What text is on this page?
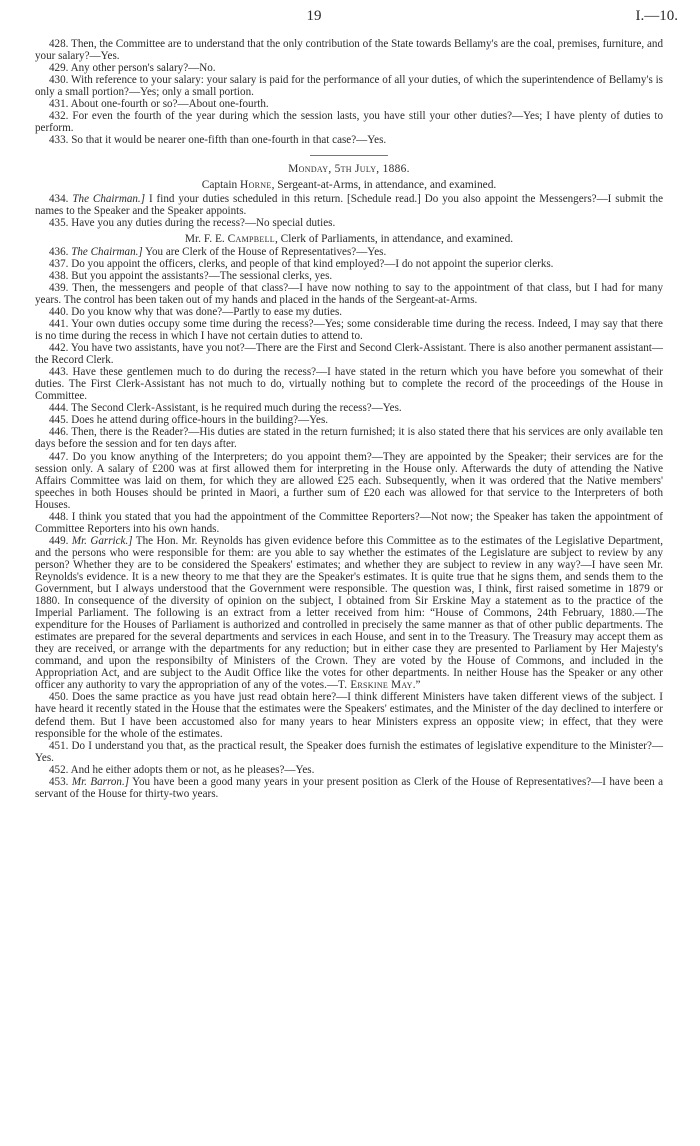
19	I.—10.

428. Then, the Committee are to understand that the only contribution of the State towards Bellamy's are the coal, premises, furniture, and your salary?—Yes.

429. Any other person's salary?—No.

430. With reference to your salary: your salary is paid for the performance of all your duties, of which the superintendence of Bellamy's is only a small portion?—Yes; only a small portion.

431. About one-fourth or so?—About one-fourth.

432. For even the fourth of the year during which the session lasts, you have still your other duties?—Yes; I have plenty of duties to perform.

433. So that it would be nearer one-fifth than one-fourth in that case?—Yes.

Monday, 5th July, 1886.
Captain Horne, Sergeant-at-Arms, in attendance, and examined.

434. The Chairman.] I find your duties scheduled in this return. [Schedule read.] Do you also appoint the Messengers?—I submit the names to the Speaker and the Speaker appoints.

435. Have you any duties during the recess?—No special duties.

Mr. F. E. Campbell, Clerk of Parliaments, in attendance, and examined.

436. The Chairman.] You are Clerk of the House of Representatives?—Yes.

437. Do you appoint the officers, clerks, and people of that kind employed?—I do not appoint the superior clerks.

438. But you appoint the assistants?—The sessional clerks, yes.

439. Then, the messengers and people of that class?—I have now nothing to say to the appointment of that class, but I had for many years. The control has been taken out of my hands and placed in the hands of the Sergeant-at-Arms.

440. Do you know why that was done?—Partly to ease my duties.

441. Your own duties occupy some time during the recess?—Yes; some considerable time during the recess. Indeed, I may say that there is no time during the recess in which I have not certain duties to attend to.

442. You have two assistants, have you not?—There are the First and Second Clerk-Assistant. There is also another permanent assistant—the Record Clerk.

443. Have these gentlemen much to do during the recess?—I have stated in the return which you have before you somewhat of their duties. The First Clerk-Assistant has not much to do, virtually nothing but to complete the record of the proceedings of the House in Committee.

444. The Second Clerk-Assistant, is he required much during the recess?—Yes.

445. Does he attend during office-hours in the building?—Yes.

446. Then, there is the Reader?—His duties are stated in the return furnished; it is also stated there that his services are only available ten days before the session and for ten days after.

447. Do you know anything of the Interpreters; do you appoint them?—They are appointed by the Speaker; their services are for the session only. A salary of £200 was at first allowed them for interpreting in the House only. Afterwards the duty of attending the Native Affairs Committee was laid on them, for which they are allowed £25 each. Subsequently, when it was ordered that the Native members' speeches in both Houses should be printed in Maori, a further sum of £20 each was allowed for that service to the Interpreters of both Houses.

448. I think you stated that you had the appointment of the Committee Reporters?—Not now; the Speaker has taken the appointment of Committee Reporters into his own hands.

449. Mr. Garrick.] The Hon. Mr. Reynolds has given evidence before this Committee as to the estimates of the Legislative Department, and the persons who were responsible for them: are you able to say whether the estimates of the Legislature are subject to review by any person? Whether they are to be considered the Speakers' estimates; and whether they are subject to review in any way?—I have seen Mr. Reynolds's evidence. It is a new theory to me that they are the Speaker's estimates. It is quite true that he signs them, and sends them to the Government, but I always understood that the Government were responsible. The question was, I think, first raised sometime in 1879 or 1880. In consequence of the diversity of opinion on the subject, I obtained from Sir Erskine May a statement as to the practice of the Imperial Parliament. The following is an extract from a letter received from him: “House of Commons, 24th February, 1880.—The expenditure for the Houses of Parliament is authorized and controlled in precisely the same manner as that of other public departments. The estimates are prepared for the several departments and services in each House, and sent in to the Treasury. The Treasury may accept them as they are received, or arrange with the departments for any reduction; but in either case they are presented to Parliament by Her Majesty's command, and upon the responsibilty of Ministers of the Crown. They are voted by the House of Commons, and included in the Appropriation Act, and are subject to the Audit Office like the votes for other departments. In neither House has the Speaker or any other officer any authority to vary the appropriation of any of the votes.—T. Erskine May.”

450. Does the same practice as you have just read obtain here?—I think different Ministers have taken different views of the subject. I have heard it recently stated in the House that the estimates were the Speakers' estimates, and the Minister of the day declined to interfere or defend them. But I have been accustomed also for many years to hear Ministers express an opposite view; in effect, that they were responsible for the whole of the estimates.

451. Do I understand you that, as the practical result, the Speaker does furnish the estimates of legislative expenditure to the Minister?—Yes.

452. And he either adopts them or not, as he pleases?—Yes.

453. Mr. Barron.] You have been a good many years in your present position as Clerk of the House of Representatives?—I have been a servant of the House for thirty-two years.
